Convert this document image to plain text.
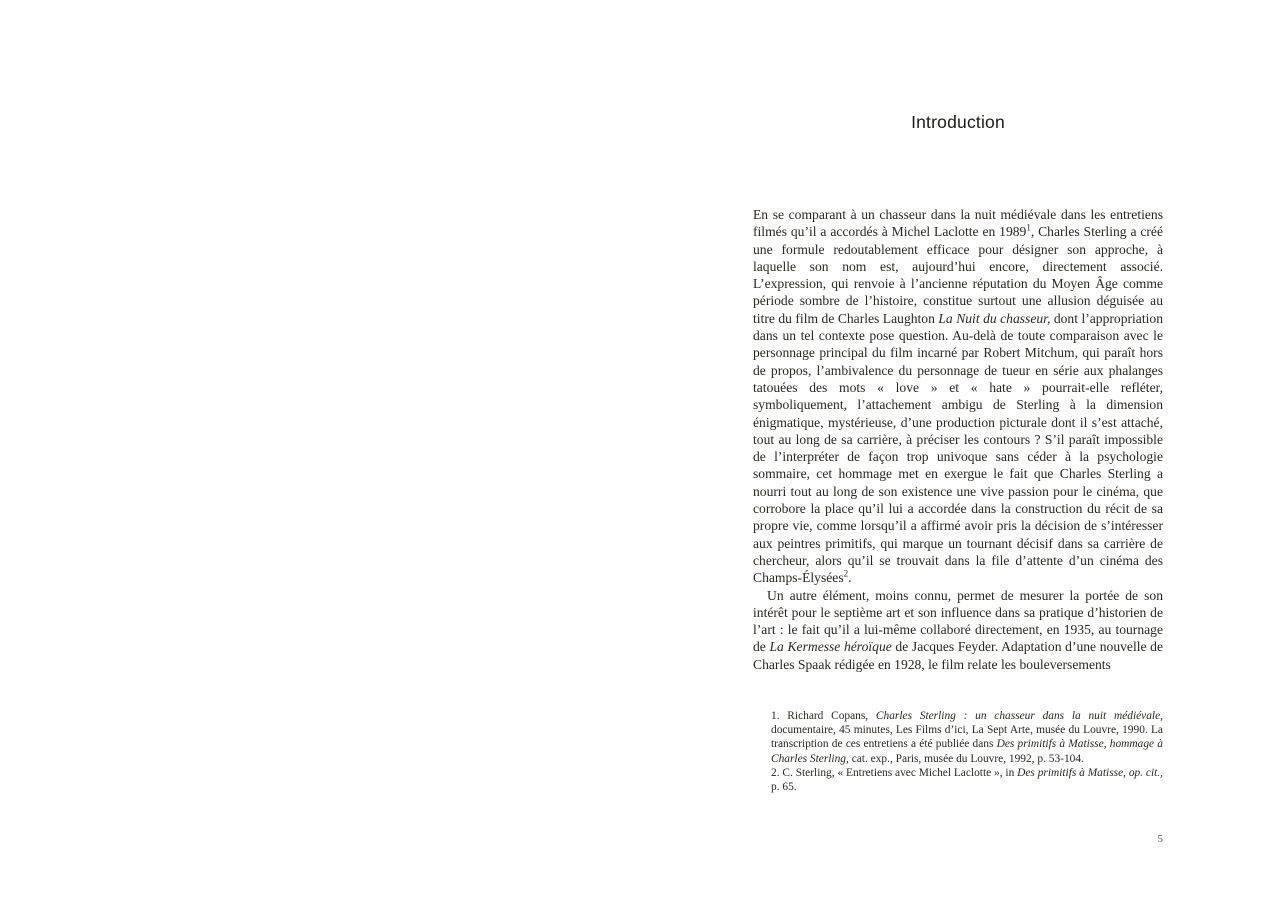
Introduction

En se comparant à un chasseur dans la nuit médiévale dans les entretiens filmés qu’il a accordés à Michel Laclotte en 1989$^1$, Charles Sterling a créé une formule redoutablement efficace pour désigner son approche, à laquelle son nom est, aujourd’hui encore, directement associé. L’expression, qui renvoie à l’ancienne réputation du Moyen Âge comme période sombre de l’histoire, constitue surtout une allusion déguisée au titre du film de Charles Laughton La Nuit du chasseur, dont l’appropriation dans un tel contexte pose question. Au-delà de toute comparaison avec le personnage principal du film incarné par Robert Mitchum, qui paraît hors de propos, l’ambivalence du personnage de tueur en série aux phalanges tatouées des mots « love » et « hate » pourrait-elle refléter, symboliquement, l’attachement ambigu de Sterling à la dimension énigmatique, mystérieuse, d’une production picturale dont il s’est attaché, tout au long de sa carrière, à préciser les contours ? S’il paraît impossible de l’interpréter de façon trop univoque sans céder à la psychologie sommaire, cet hommage met en exergue le fait que Charles Sterling a nourri tout au long de son existence une vive passion pour le cinéma, que corrobore la place qu’il lui a accordée dans la construction du récit de sa propre vie, comme lorsqu’il a affirmé avoir pris la décision de s’intéresser aux peintres primitifs, qui marque un tournant décisif dans sa carrière de chercheur, alors qu’il se trouvait dans la file d’attente d’un cinéma des Champs-Élysées$^2$.

Un autre élément, moins connu, permet de mesurer la portée de son intérêt pour le septième art et son influence dans sa pratique d’historien de l’art : le fait qu’il a lui-même collaboré directement, en 1935, au tournage de La Kermesse héroïque de Jacques Feyder. Adaptation d’une nouvelle de Charles Spaak rédigée en 1928, le film relate les bouleversements

1. Richard Copans, Charles Sterling : un chasseur dans la nuit médiévale, documentaire, 45 minutes, Les Films d’ici, La Sept Arte, musée du Louvre, 1990. La transcription de ces entretiens a été publiée dans Des primitifs à Matisse, hommage à Charles Sterling, cat. exp., Paris, musée du Louvre, 1992, p. 53-104.

2. C. Sterling, « Entretiens avec Michel Laclotte », in Des primitifs à Matisse, op. cit., p. 65.

5
